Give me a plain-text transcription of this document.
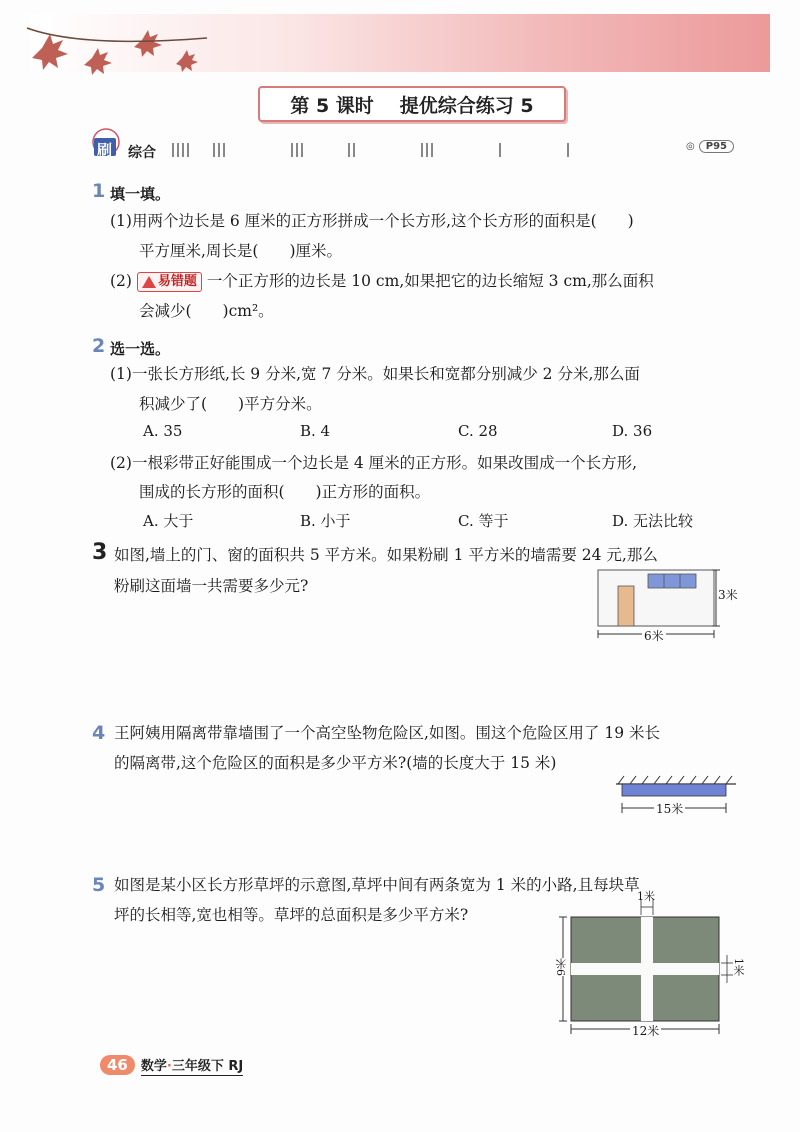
第 5 课时 提优综合练习 5
刷 综合	◎	P95
1 填一填。
(1)用两个边长是 6 厘米的正方形拼成一个长方形,这个长方形的面积是(　　)
平方厘米,周长是(　　)厘米。
(2) 易错题 一个正方形的边长是 10 cm,如果把它的边长缩短 3 cm,那么面积
会减少(　　)cm²。
2 选一选。
(1)一张长方形纸,长 9 分米,宽 7 分米。如果长和宽都分别减少 2 分米,那么面
积减少了(　　)平方分米。
A. 35	B. 4	C. 28	D. 36
(2)一根彩带正好能围成一个边长是 4 厘米的正方形。如果改围成一个长方形,
围成的长方形的面积(　　)正方形的面积。
A. 大于	B. 小于	C. 等于	D. 无法比较
3 如图,墙上的门、窗的面积共 5 平方米。如果粉刷 1 平方米的墙需要 24 元,那么
粉刷这面墙一共需要多少元?	3米
6米
4 王阿姨用隔离带靠墙围了一个高空坠物危险区,如图。围这个危险区用了 19 米长
的隔离带,这个危险区的面积是多少平方米?(墙的长度大于 15 米)
15米
5 如图是某小区长方形草坪的示意图,草坪中间有两条宽为 1 米的小路,且每块草
坪的长相等,宽也相等。草坪的总面积是多少平方米?
1米
9米	1米
12米
46	数学·三年级下 RJ
